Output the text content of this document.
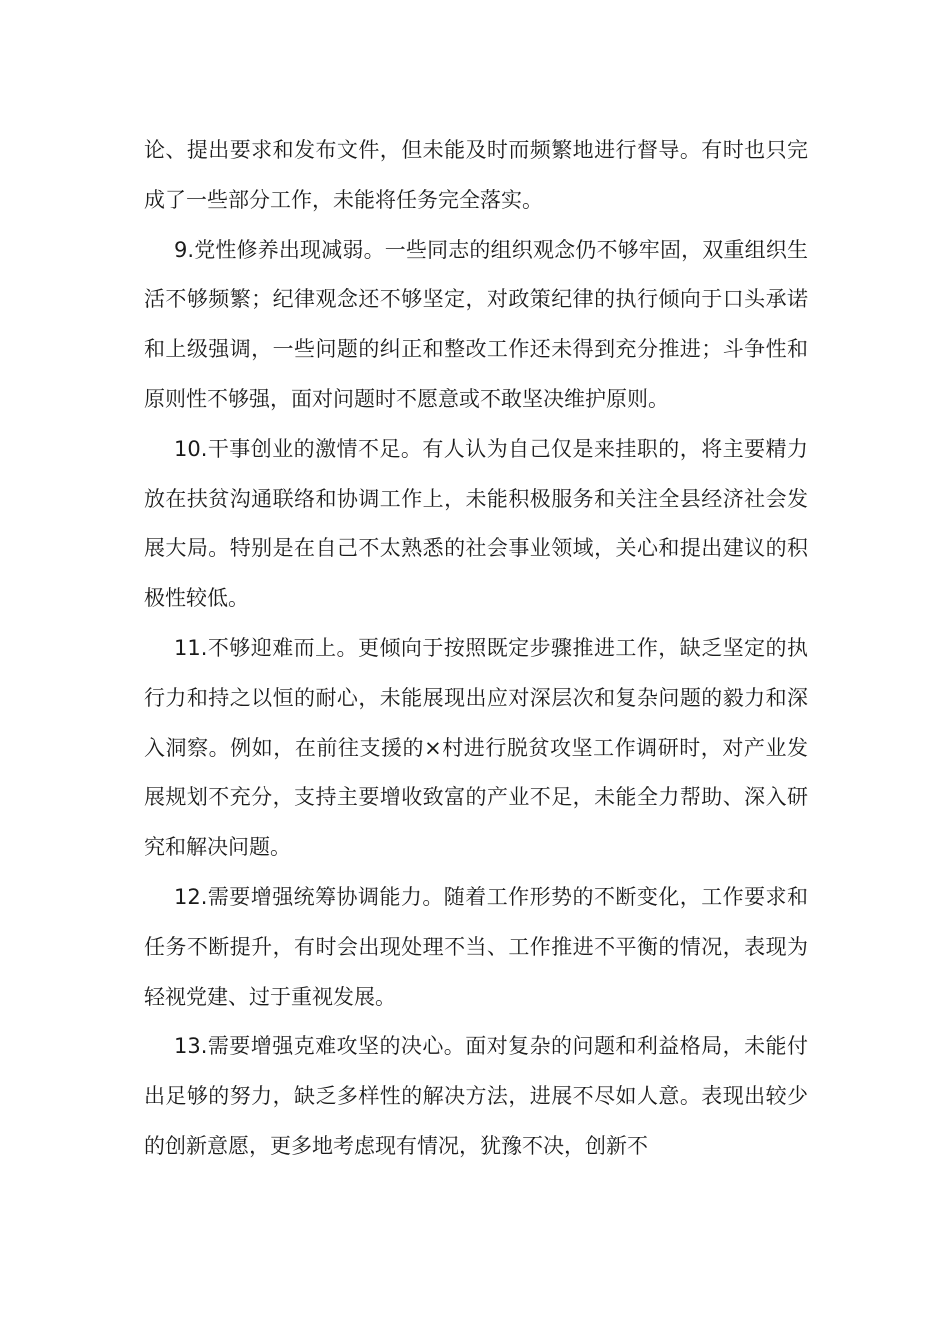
论、提出要求和发布文件，但未能及时而频繁地进行督导。有时也只完成了一些部分工作，未能将任务完全落实。

9.党性修养出现减弱。一些同志的组织观念仍不够牢固，双重组织生活不够频繁；纪律观念还不够坚定，对政策纪律的执行倾向于口头承诺和上级强调，一些问题的纠正和整改工作还未得到充分推进；斗争性和原则性不够强，面对问题时不愿意或不敢坚决维护原则。

10.干事创业的激情不足。有人认为自己仅是来挂职的，将主要精力放在扶贫沟通联络和协调工作上，未能积极服务和关注全县经济社会发展大局。特别是在自己不太熟悉的社会事业领域，关心和提出建议的积极性较低。

11.不够迎难而上。更倾向于按照既定步骤推进工作，缺乏坚定的执行力和持之以恒的耐心，未能展现出应对深层次和复杂问题的毅力和深入洞察。例如，在前往支援的×村进行脱贫攻坚工作调研时，对产业发展规划不充分，支持主要增收致富的产业不足，未能全力帮助、深入研究和解决问题。

12.需要增强统筹协调能力。随着工作形势的不断变化，工作要求和任务不断提升，有时会出现处理不当、工作推进不平衡的情况，表现为轻视党建、过于重视发展。

13.需要增强克难攻坚的决心。面对复杂的问题和利益格局，未能付出足够的努力，缺乏多样性的解决方法，进展不尽如人意。表现出较少的创新意愿，更多地考虑现有情况，犹豫不决，创新不
